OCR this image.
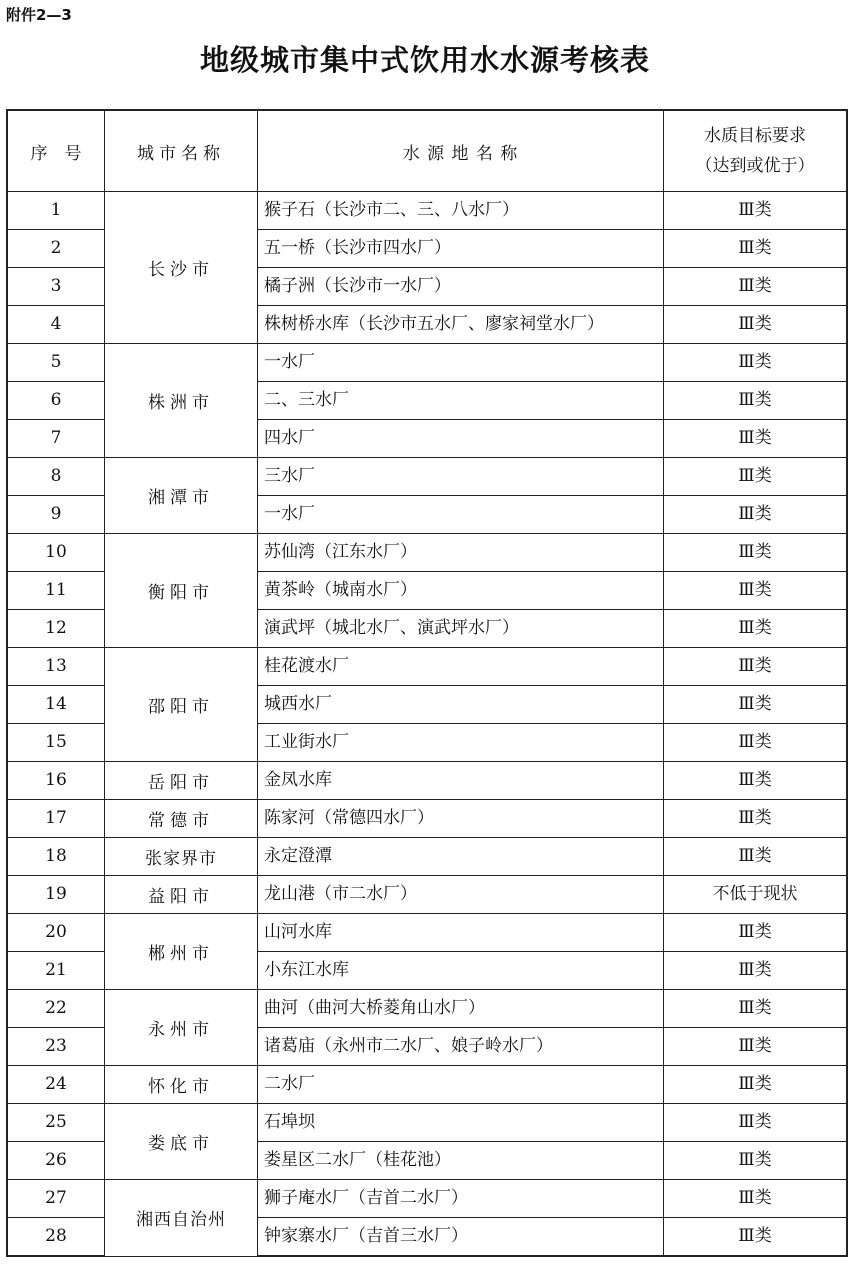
附件2—3
地级城市集中式饮用水水源考核表
序　号	城市名称	水 源 地 名 称	水质目标要求
（达到或优于）

1	长沙市	猴子石（长沙市二、三、八水厂）	Ⅲ类
2		五一桥（长沙市四水厂）	Ⅲ类
3		橘子洲（长沙市一水厂）	Ⅲ类
4		株树桥水库（长沙市五水厂、廖家祠堂水厂）	Ⅲ类
5	株洲市	一水厂	Ⅲ类
6		二、三水厂	Ⅲ类
7		四水厂	Ⅲ类
8	湘潭市	三水厂	Ⅲ类
9		一水厂	Ⅲ类
10	衡阳市	苏仙湾（江东水厂）	Ⅲ类
11		黄茶岭（城南水厂）	Ⅲ类
12		演武坪（城北水厂、演武坪水厂）	Ⅲ类
13	邵阳市	桂花渡水厂	Ⅲ类
14		城西水厂	Ⅲ类
15		工业街水厂	Ⅲ类
16	岳阳市	金凤水库	Ⅲ类
17	常德市	陈家河（常德四水厂）	Ⅲ类
18	张家界市	永定澄潭	Ⅲ类
19	益阳市	龙山港（市二水厂）	不低于现状
20	郴州市	山河水库	Ⅲ类
21		小东江水库	Ⅲ类
22	永州市	曲河（曲河大桥菱角山水厂）	Ⅲ类
23		诸葛庙（永州市二水厂、娘子岭水厂）	Ⅲ类
24	怀化市	二水厂	Ⅲ类
25	娄底市	石埠坝	Ⅲ类
26		娄星区二水厂（桂花池）	Ⅲ类
27	湘西自治州	狮子庵水厂（吉首二水厂）	Ⅲ类
28		钟家寨水厂（吉首三水厂）	Ⅲ类
